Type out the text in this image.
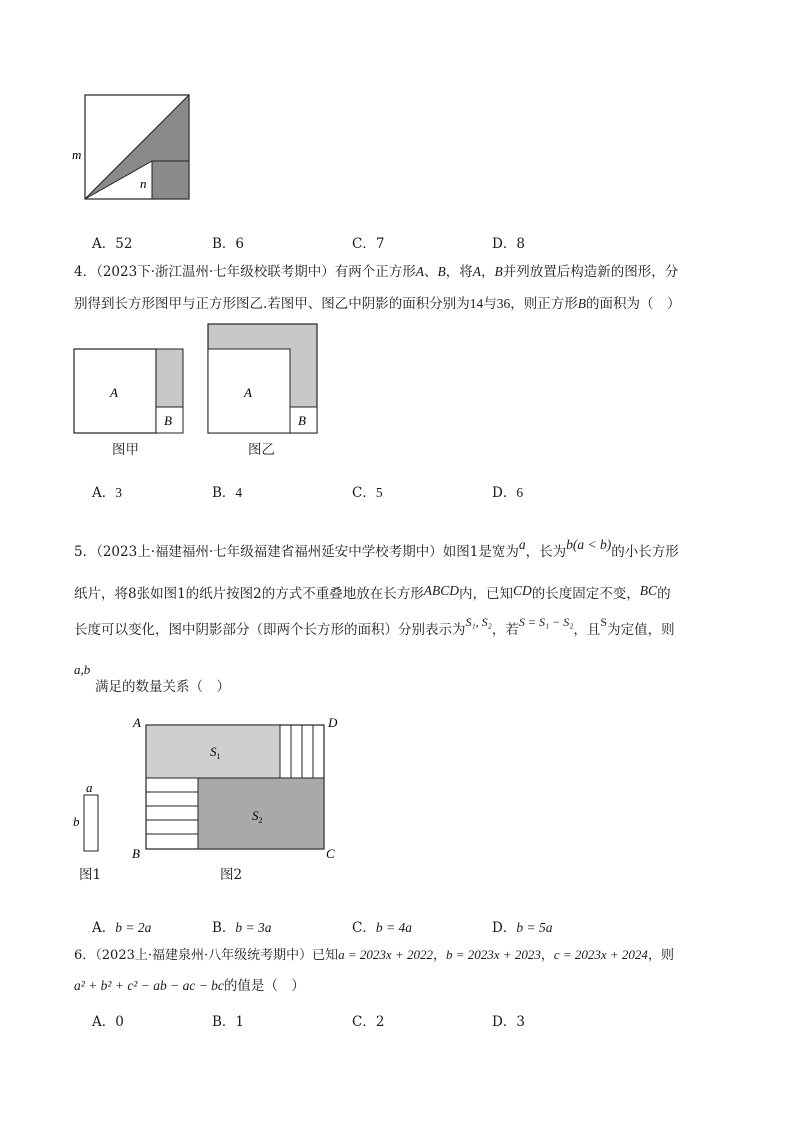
m
n
A．52	B．6	C．7	D．8
4．（2023下·浙江温州·七年级校联考期中）有两个正方形A、B，将A，B并列放置后构造新的图形，分
别得到长方形图甲与正方形图乙.若图甲、图乙中阴影的面积分别为14与36，则正方形B的面积为（　）
A
B
图甲
A
B
图乙
A．3	B．4	C．5	D．6
5．（2023上·福建福州·七年级福建省福州延安中学校考期中）如图1是宽为a，长为b(a < b)的小长方形
纸片，将8张如图1的纸片按图2的方式不重叠地放在长方形ABCD内，已知CD的长度固定不变，BC的
长度可以变化，图中阴影部分（即两个长方形的面积）分别表示为S₁, S₂，若S = S₁ − S₂，且S为定值，则
a,b
满足的数量关系（　）
a
b
图1
A	D
B	C
$S_1$
$S_2$
图2
A．b = 2a	B．b = 3a	C．b = 4a	D．b = 5a
6．（2023上·福建泉州·八年级统考期中）已知a = 2023x + 2022，b = 2023x + 2023，c = 2023x + 2024，则
a² + b² + c² − ab − ac − bc的值是（　）
A．0	B．1	C．2	D．3
